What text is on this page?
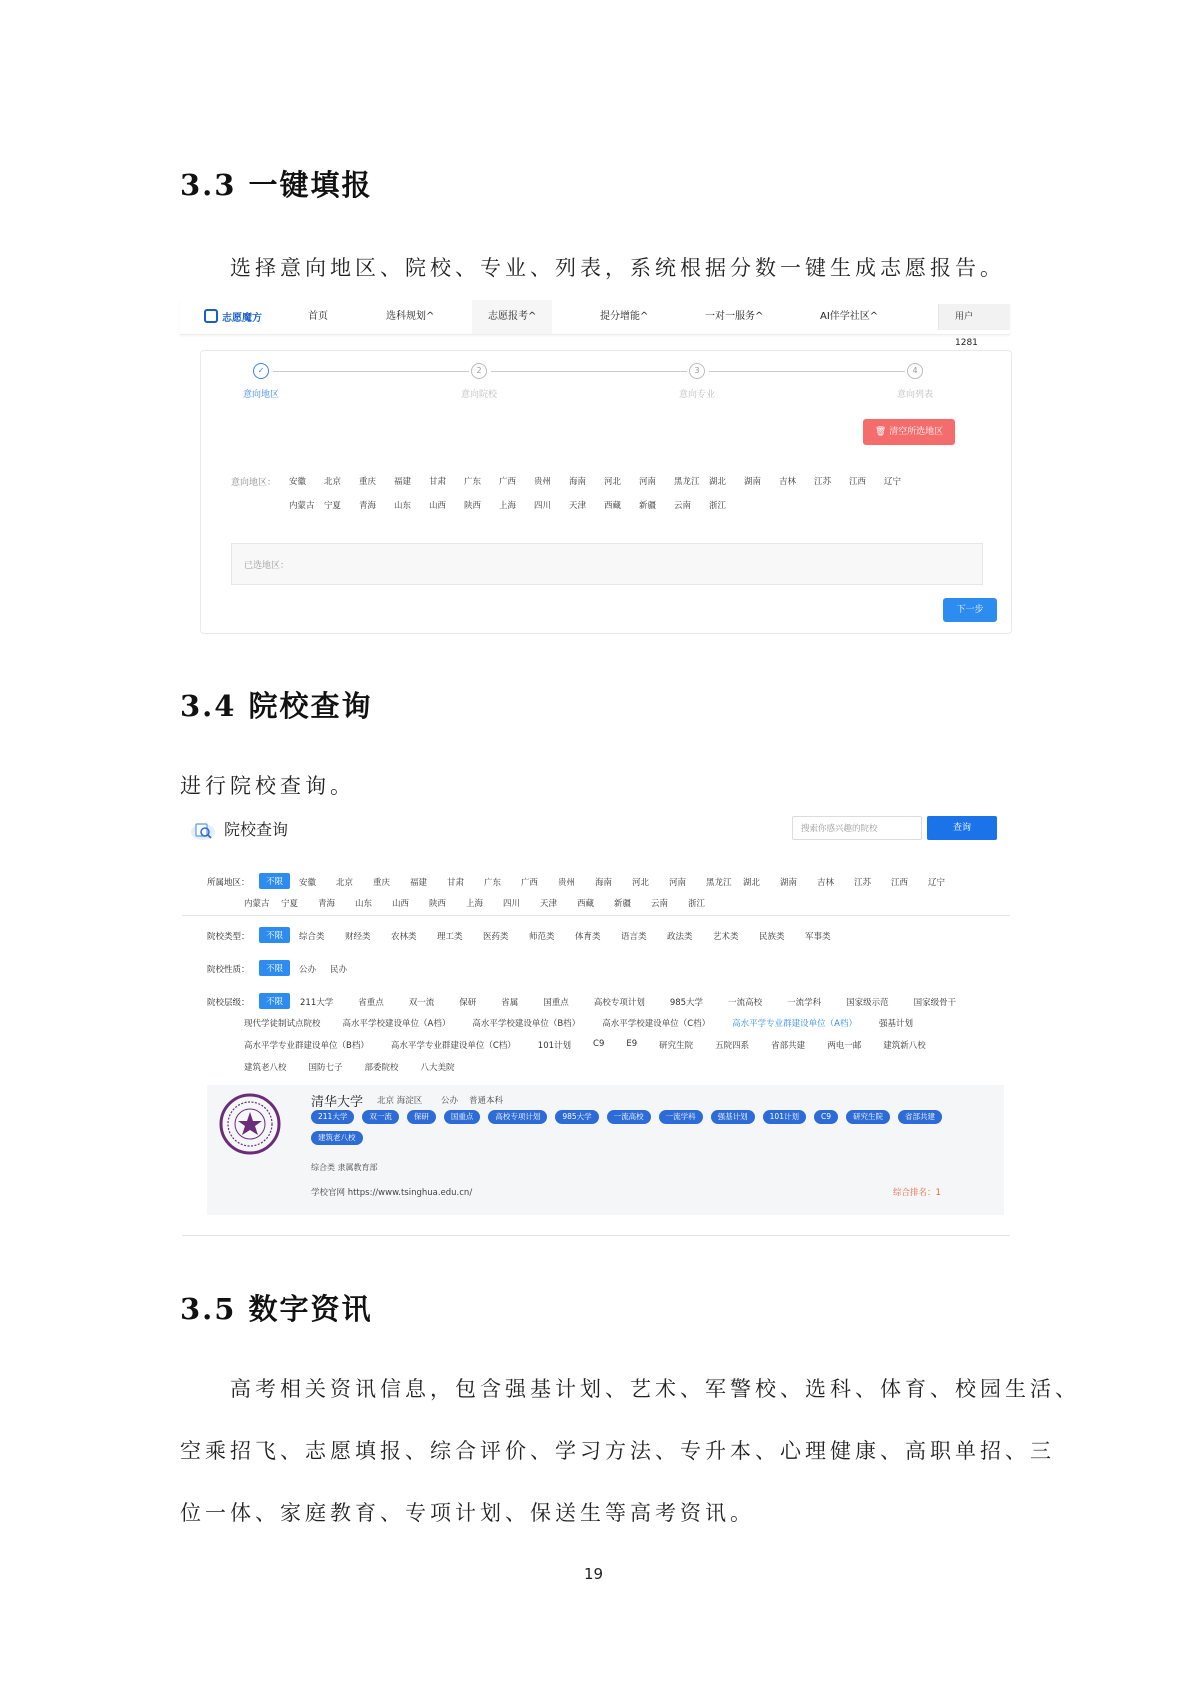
3.3 一键填报
选择意向地区、院校、专业、列表，系统根据分数一键生成志愿报告。
志愿魔方	首页	选科规划^	志愿报考^	提分增能^	一对一服务^	AI伴学社区^	用户1281
✓	2	3	4
意向地区	意向院校	意向专业	意向列表
🗑 清空所选地区
意向地区： 安徽 北京 重庆 福建 甘肃 广东 广西 贵州 海南 河北 河南 黑龙江 湖北 湖南 吉林 江苏 江西 辽宁
内蒙古 宁夏 青海 山东 山西 陕西 上海 四川 天津 西藏 新疆 云南 浙江
已选地区：
下一步
3.4 院校查询
进行院校查询。
院校查询	搜索你感兴趣的院校	查询
所属地区：	不限	安徽 北京 重庆 福建 甘肃 广东 广西 贵州 海南 河北 河南 黑龙江 湖北 湖南 吉林 江苏 江西 辽宁
内蒙古 宁夏 青海 山东 山西 陕西 上海 四川 天津 西藏 新疆 云南 浙江
院校类型：	不限	综合类 财经类 农林类 理工类 医药类 师范类 体育类 语言类 政法类 艺术类 民族类 军事类
院校性质：	不限	公办 民办
院校层级：	不限	211大学	省重点	双一流	保研	省属	国重点	高校专项计划	985大学	一流高校	一流学科	国家级示范	国家级骨干
现代学徒制试点院校	高水平学校建设单位（A档）	高水平学校建设单位（B档）	高水平学校建设单位（C档）	高水平学专业群建设单位（A档）	强基计划
高水平学专业群建设单位（B档）	高水平学专业群建设单位（C档）	101计划	C9	E9	研究生院	五院四系	省部共建	两电一邮	建筑新八校
建筑老八校	国防七子	部委院校	八大美院
清华大学 北京 海淀区 公办 普通本科
211大学	双一流	保研	国重点	高校专项计划	985大学	一流高校	一流学科	强基计划	101计划	C9	研究生院	省部共建
建筑老八校
综合类 隶属教育部
学校官网 https://www.tsinghua.edu.cn/	综合排名：1
3.5 数字资讯
高考相关资讯信息，包含强基计划、艺术、军警校、选科、体育、校园生活、
空乘招飞、志愿填报、综合评价、学习方法、专升本、心理健康、高职单招、三
位一体、家庭教育、专项计划、保送生等高考资讯。
19
